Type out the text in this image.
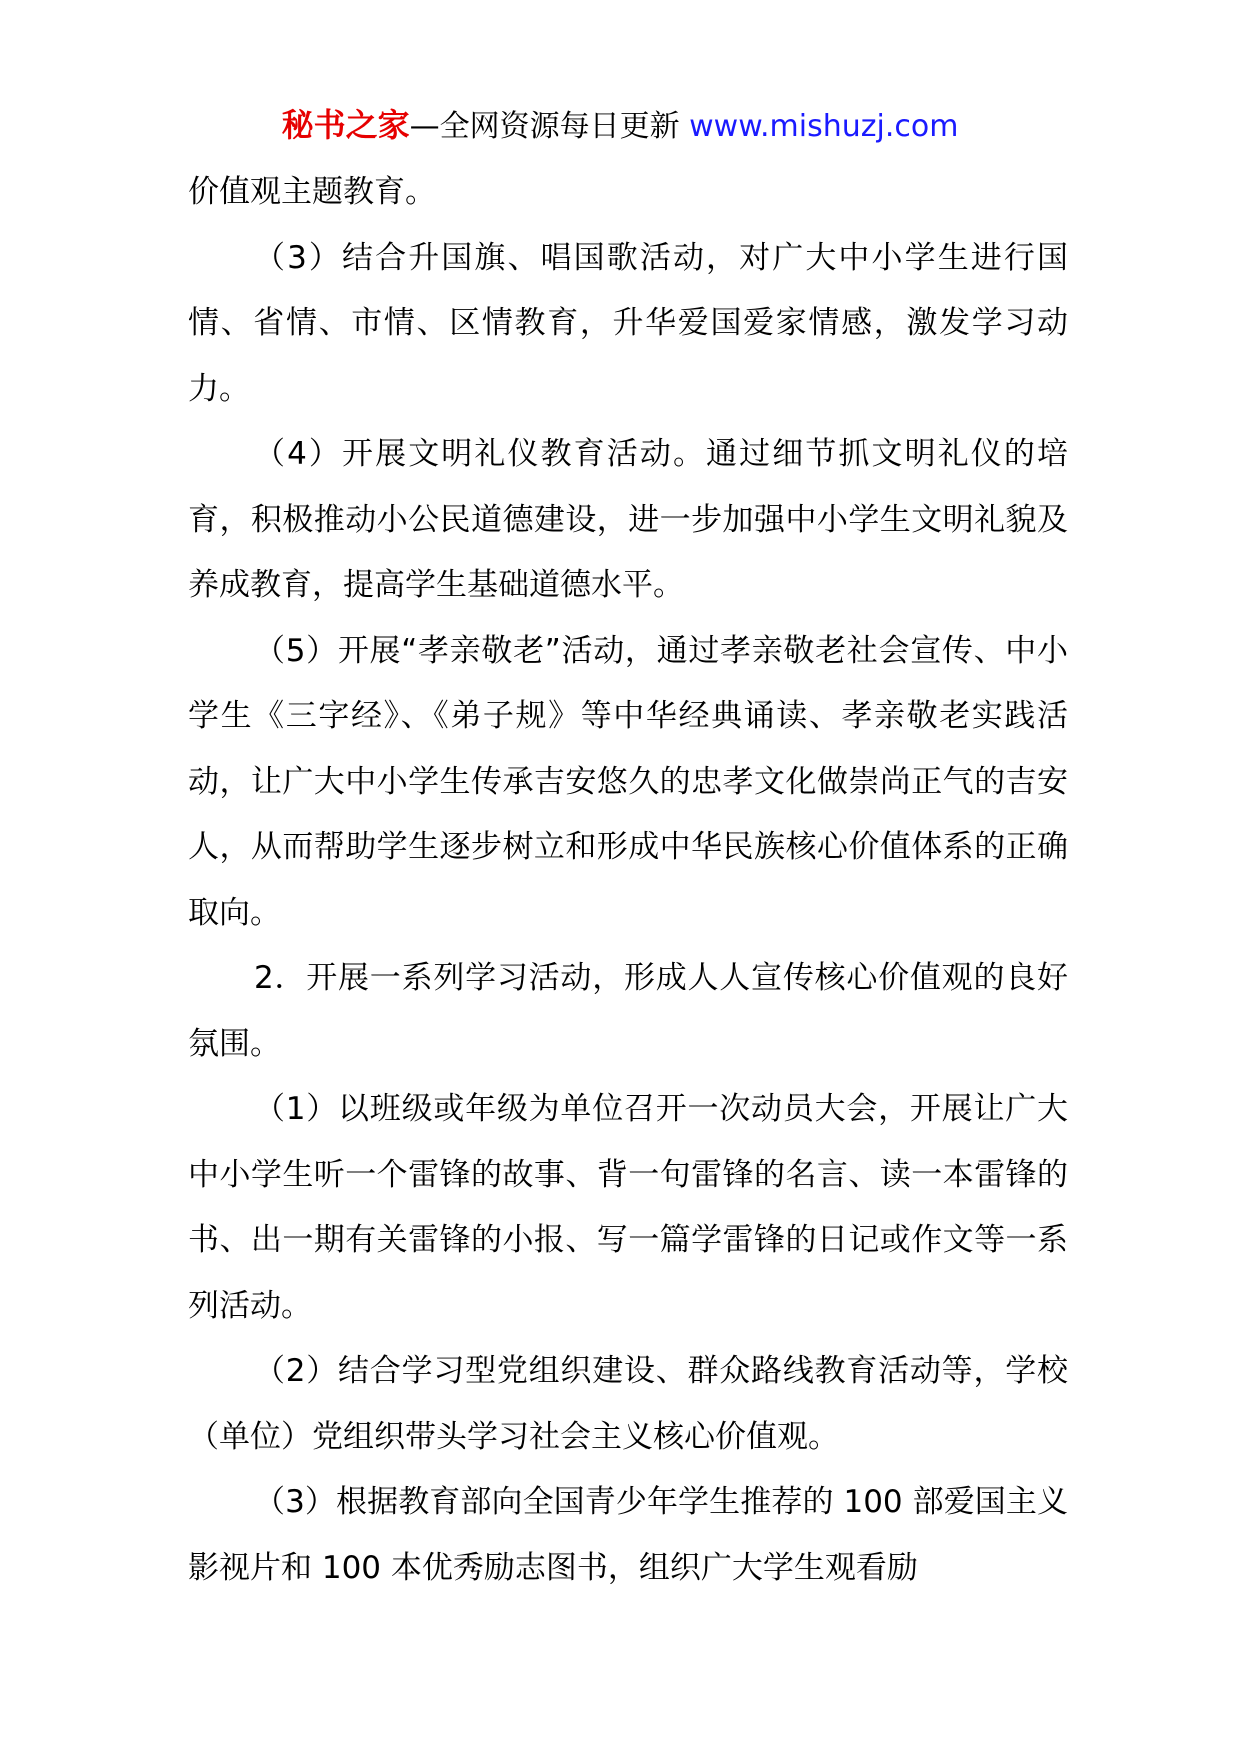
秘书之家—全网资源每日更新 www.mishuzj.com

价值观主题教育。

（3）结合升国旗、唱国歌活动，对广大中小学生进行国情、省情、市情、区情教育，升华爱国爱家情感，激发学习动力。

（4）开展文明礼仪教育活动。通过细节抓文明礼仪的培育，积极推动小公民道德建设，进一步加强中小学生文明礼貌及养成教育，提高学生基础道德水平。

（5）开展“孝亲敬老”活动，通过孝亲敬老社会宣传、中小学生《三字经》、《弟子规》等中华经典诵读、孝亲敬老实践活动，让广大中小学生传承吉安悠久的忠孝文化做崇尚正气的吉安人，从而帮助学生逐步树立和形成中华民族核心价值体系的正确取向。

2．开展一系列学习活动，形成人人宣传核心价值观的良好氛围。

（1）以班级或年级为单位召开一次动员大会，开展让广大中小学生听一个雷锋的故事、背一句雷锋的名言、读一本雷锋的书、出一期有关雷锋的小报、写一篇学雷锋的日记或作文等一系列活动。

（2）结合学习型党组织建设、群众路线教育活动等，学校（单位）党组织带头学习社会主义核心价值观。

（3）根据教育部向全国青少年学生推荐的 100 部爱国主义影视片和 100 本优秀励志图书，组织广大学生观看励
